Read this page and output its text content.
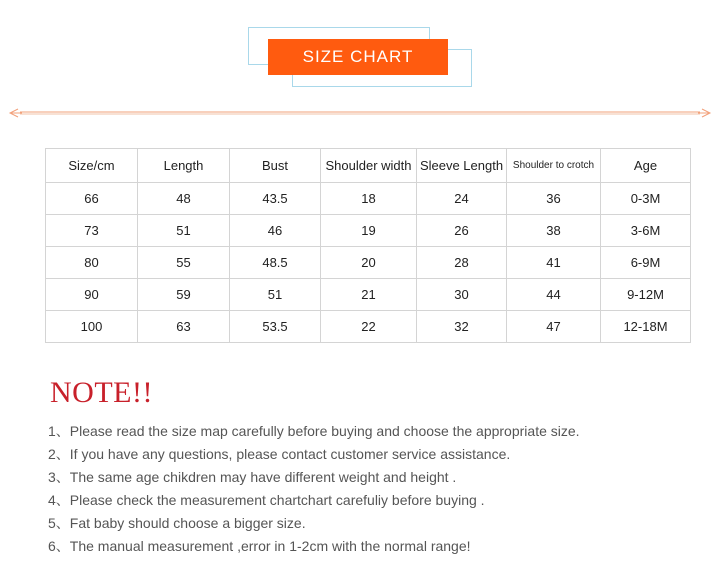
SIZE CHART
Size/cm	Length	Bust	Shoulder width	Sleeve Length	Shoulder to crotch	Age
66	48	43.5	18	24	36	0-3M
73	51	46	19	26	38	3-6M
80	55	48.5	20	28	41	6-9M
90	59	51	21	30	44	9-12M
100	63	53.5	22	32	47	12-18M
NOTE!!
1、Please read the size map carefully before buying and choose the appropriate size.
2、If you have any questions, please contact customer service assistance.
3、The same age chikdren may have different weight and height .
4、Please check the measurement chartchart carefuliy before buying .
5、Fat baby should choose a bigger size.
6、The manual measurement ,error in 1-2cm with the normal range!
